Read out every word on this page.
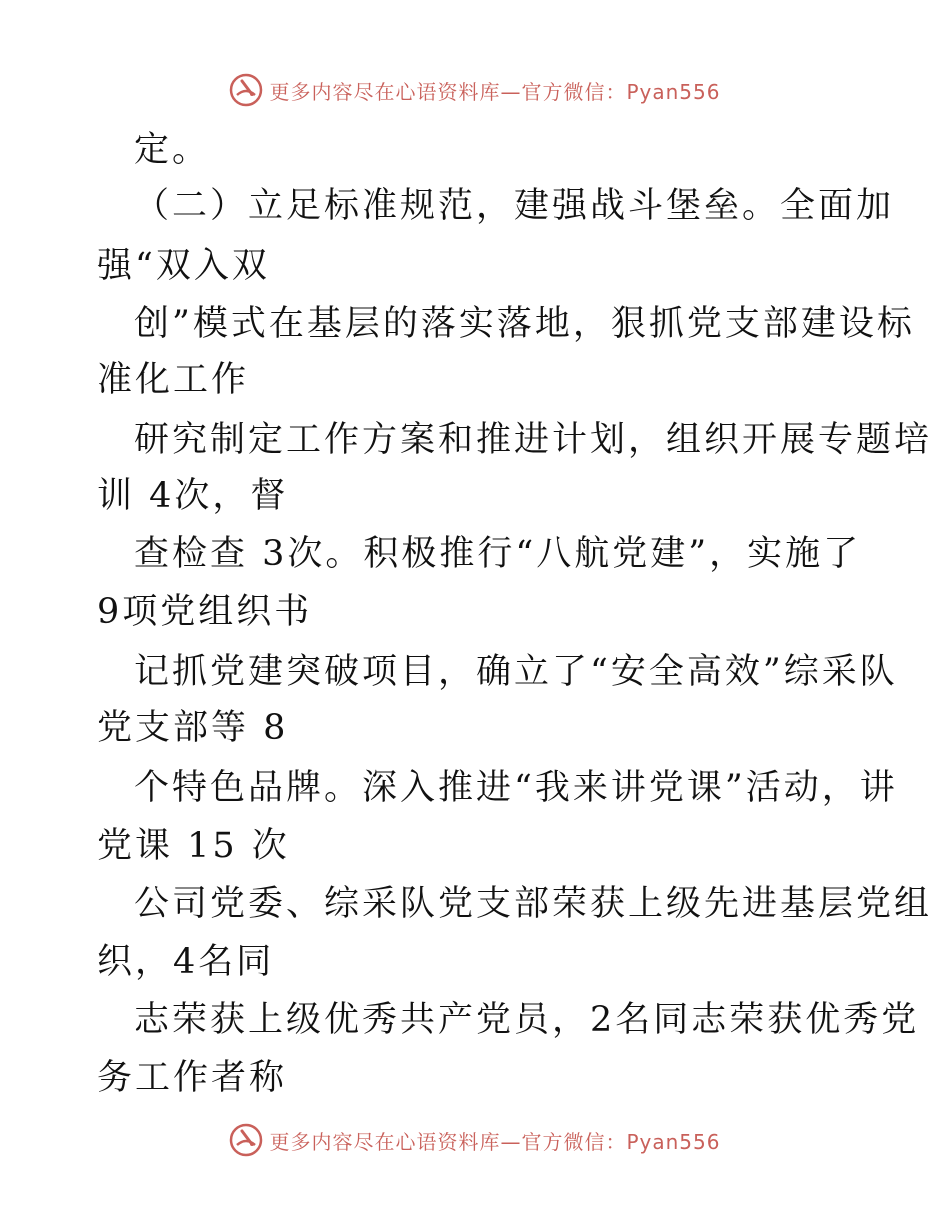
更多内容尽在心语资料库—官方微信：Pyan556
定。
（二）立足标准规范，建强战斗堡垒。全面加
强“双入双
创”模式在基层的落实落地，狠抓党支部建设标
准化工作
研究制定工作方案和推进计划，组织开展专题培
训 4次，督
查检查 3次。积极推行“八航党建”，实施了
9项党组织书
记抓党建突破项目，确立了“安全高效”综采队
党支部等 8
个特色品牌。深入推进“我来讲党课”活动，讲
党课 15 次
公司党委、综采队党支部荣获上级先进基层党组
织，4名同
志荣获上级优秀共产党员，2名同志荣获优秀党
务工作者称
更多内容尽在心语资料库—官方微信：Pyan556
